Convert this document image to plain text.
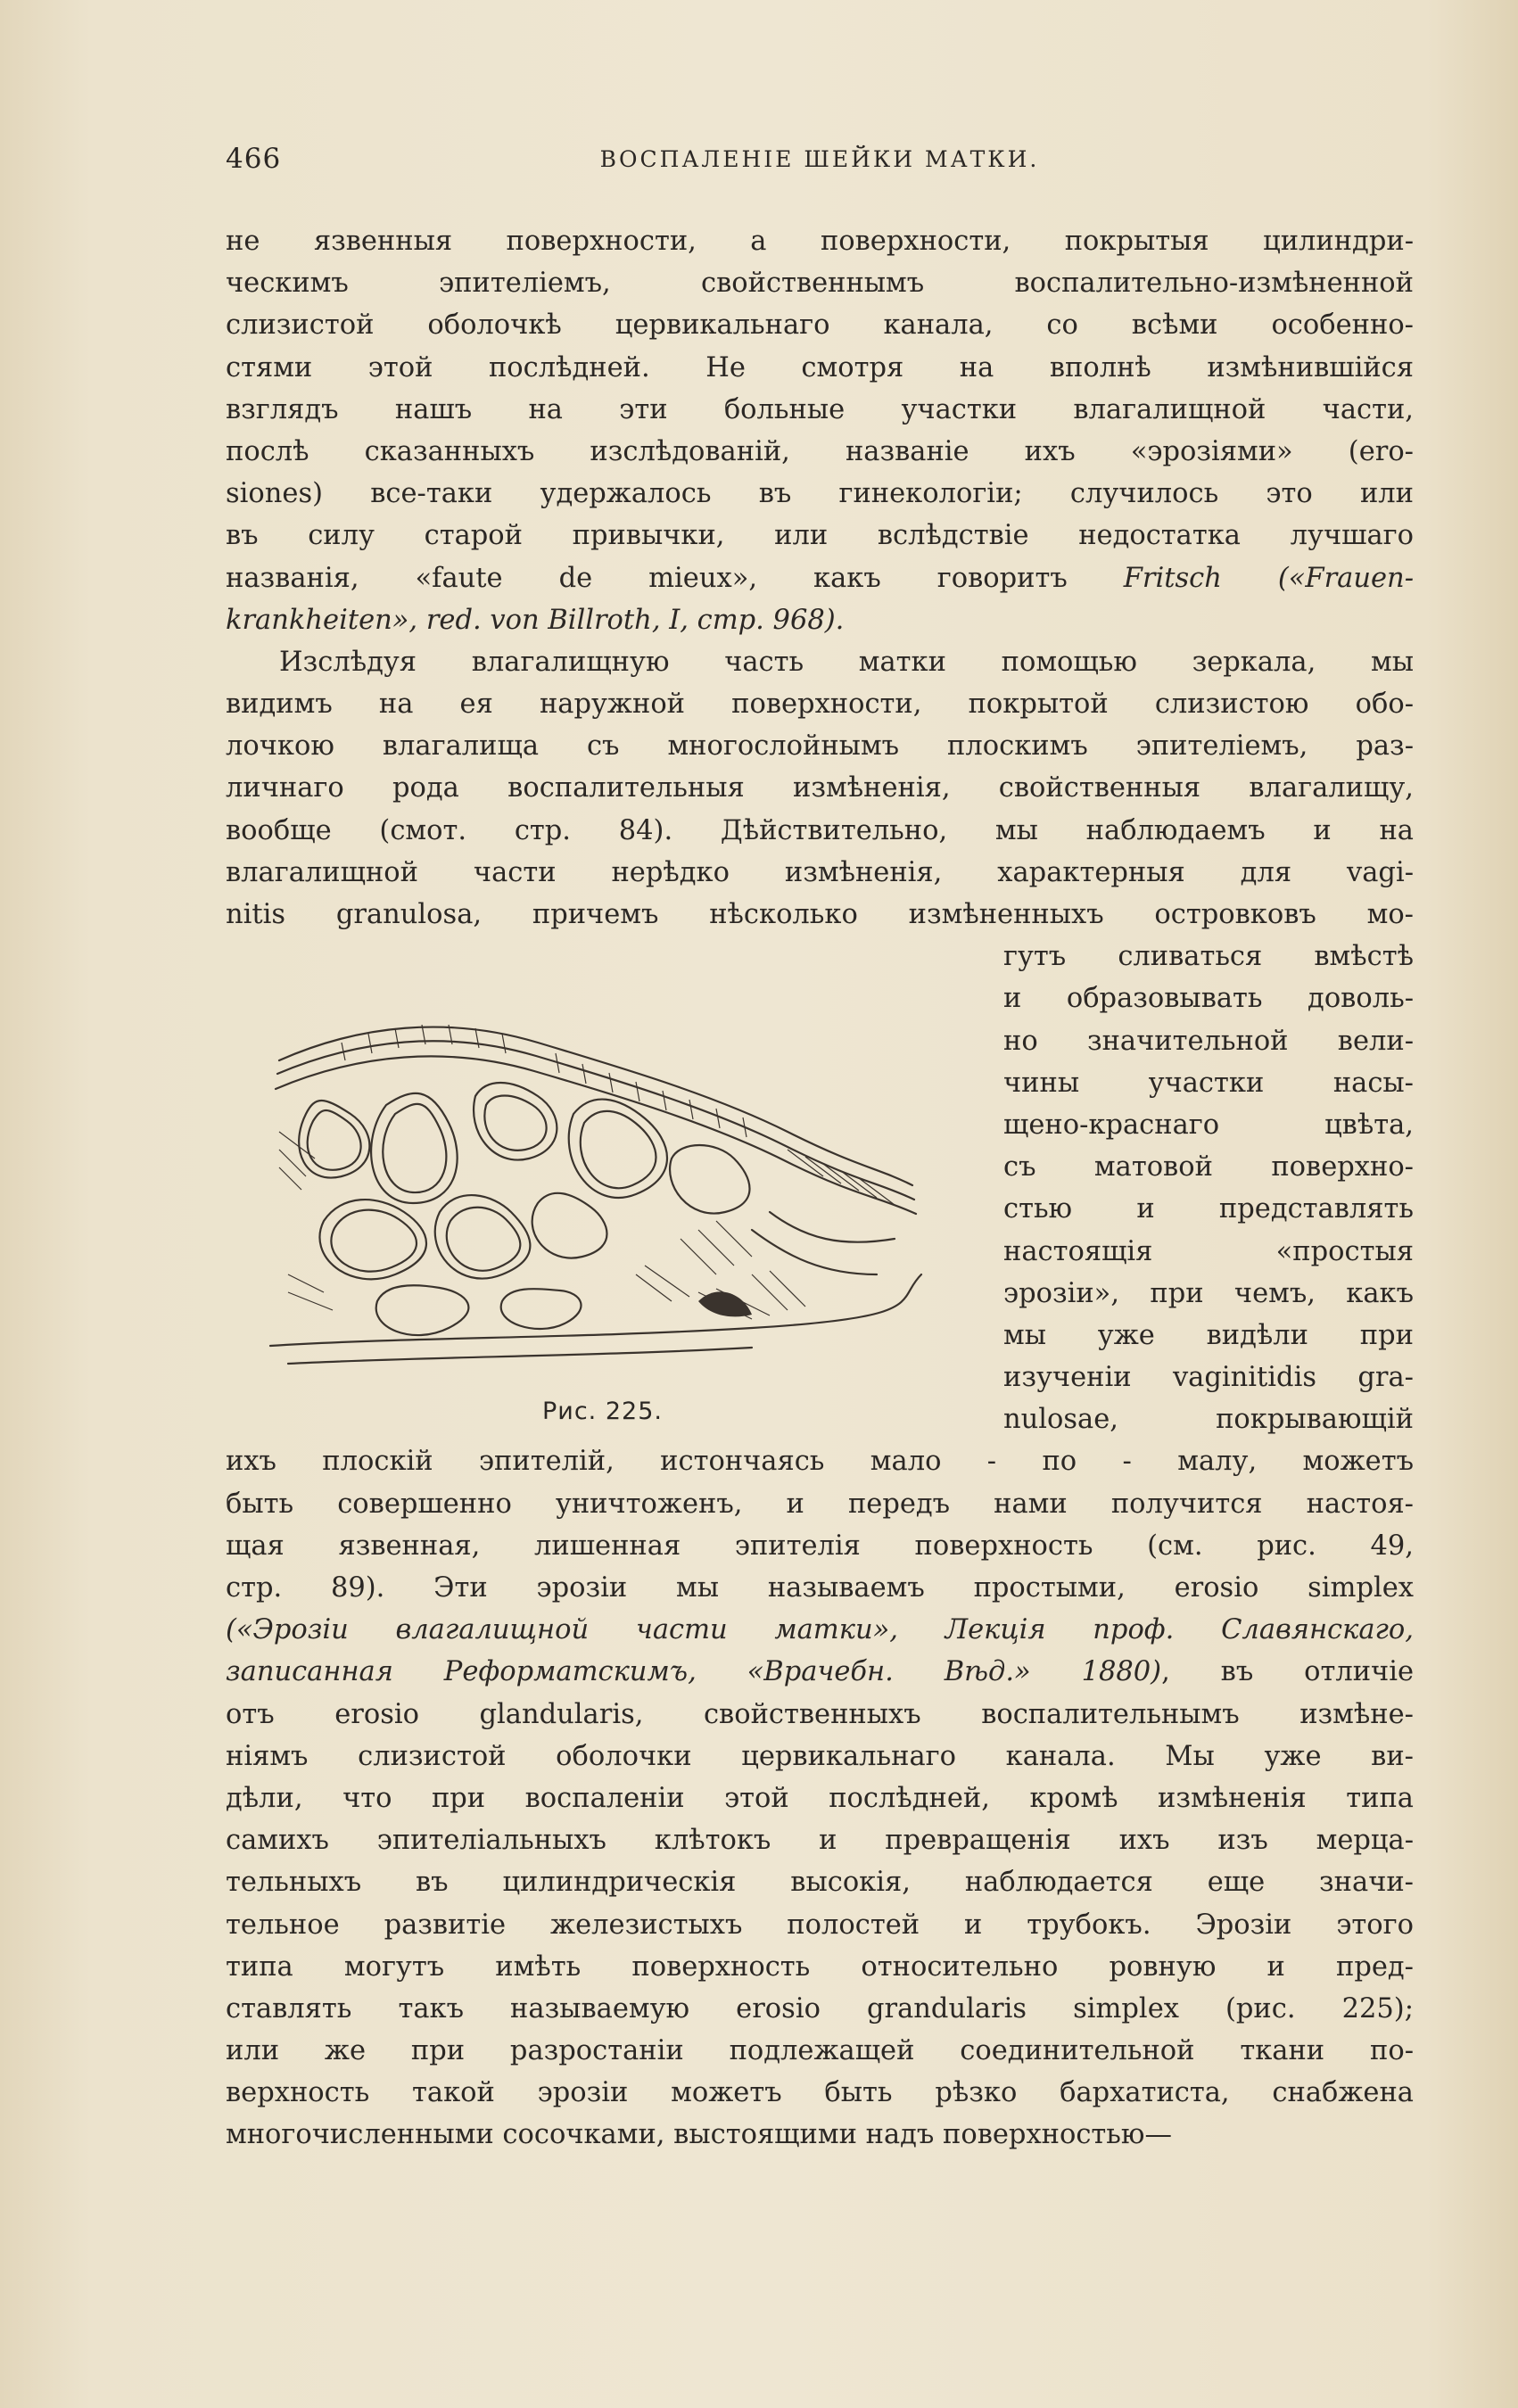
466	ВОСПАЛЕНІЕ ШЕЙКИ МАТКИ.
не язвенныя поверхности, а поверхности, покрытыя цилиндри-
ческимъ эпителіемъ, свойственнымъ воспалительно-измѣненной
слизистой оболочкѣ цервикальнаго канала, со всѣми особенно-
стями этой послѣдней. Не смотря на вполнѣ измѣнившійся
взглядъ нашъ на эти больные участки влагалищной части,
послѣ сказанныхъ изслѣдованій, названіе ихъ «эрозіями» (ero-
siones) все-таки удержалось въ гинекологіи; случилось это или
въ силу старой привычки, или вслѣдствіе недостатка лучшаго
названія, «faute de mieux», какъ говоритъ Fritsch («Frauen-
krankheiten», red. von Billroth, I, стр. 968).
Изслѣдуя влагалищную часть матки помощью зеркала, мы
видимъ на ея наружной поверхности, покрытой слизистою обо-
лочкою влагалища съ многослойнымъ плоскимъ эпителіемъ, раз-
личнаго рода воспалительныя измѣненія, свойственныя влагалищу,
вообще (смот. стр. 84). Дѣйствительно, мы наблюдаемъ и на
влагалищной части нерѣдко измѣненія, характерныя для vagi-
nitis granulosa, причемъ нѣсколько измѣненныхъ островковъ мо-
Рис. 225.
гутъ сливаться вмѣстѣ
и образовывать доволь-
но значительной вели-
чины участки насы-
щено-краснаго цвѣта,
съ матовой поверхно-
стью и представлять
настоящія «простыя
эрозіи», при чемъ, какъ
мы уже видѣли при
изученіи vaginitidis gra-
nulosae, покрывающій
ихъ плоскій эпителій, истончаясь мало - по - малу, можетъ
быть совершенно уничтоженъ, и передъ нами получится настоя-
щая язвенная, лишенная эпителія поверхность (см. рис. 49,
стр. 89). Эти эрозіи мы называемъ простыми, erosio simplex
(«Эрозіи влагалищной части матки», Лекція проф. Славянскаго,
записанная Реформатскимъ, «Врачебн. Вѣд.» 1880), въ отличіе
отъ erosio glandularis, свойственныхъ воспалительнымъ измѣне-
ніямъ слизистой оболочки цервикальнаго канала. Мы уже ви-
дѣли, что при воспаленіи этой послѣдней, кромѣ измѣненія типа
самихъ эпителіальныхъ клѣтокъ и превращенія ихъ изъ мерца-
тельныхъ въ цилиндрическія высокія, наблюдается еще значи-
тельное развитіе железистыхъ полостей и трубокъ. Эрозіи этого
типа могутъ имѣть поверхность относительно ровную и пред-
ставлять такъ называемую erosio grandularis simplex (рис. 225);
или же при разростаніи подлежащей соединительной ткани по-
верхность такой эрозіи можетъ быть рѣзко бархатиста, снабжена
многочисленными сосочками, выстоящими надъ поверхностью—
